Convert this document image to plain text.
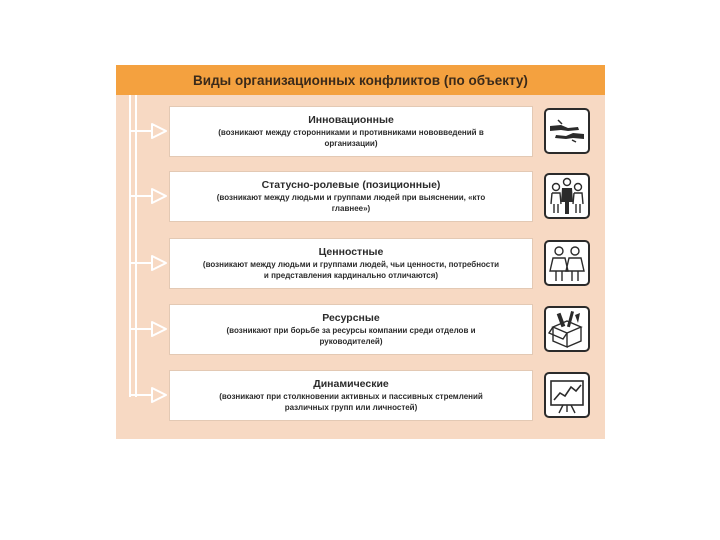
Виды организационных конфликтов (по объекту)
Инновационные
(возникают между сторонниками и противниками нововведений в организации)
Статусно-ролевые (позиционные)
(возникают между людьми и группами людей при выяснении, «кто главнее»)
Ценностные
(возникают между людьми и группами людей, чьи ценности, потребности и представления кардинально отличаются)
Ресурсные
(возникают при борьбе за ресурсы компании среди отделов и руководителей)
Динамические
(возникают при столкновении активных и пассивных стремлений различных групп или личностей)
